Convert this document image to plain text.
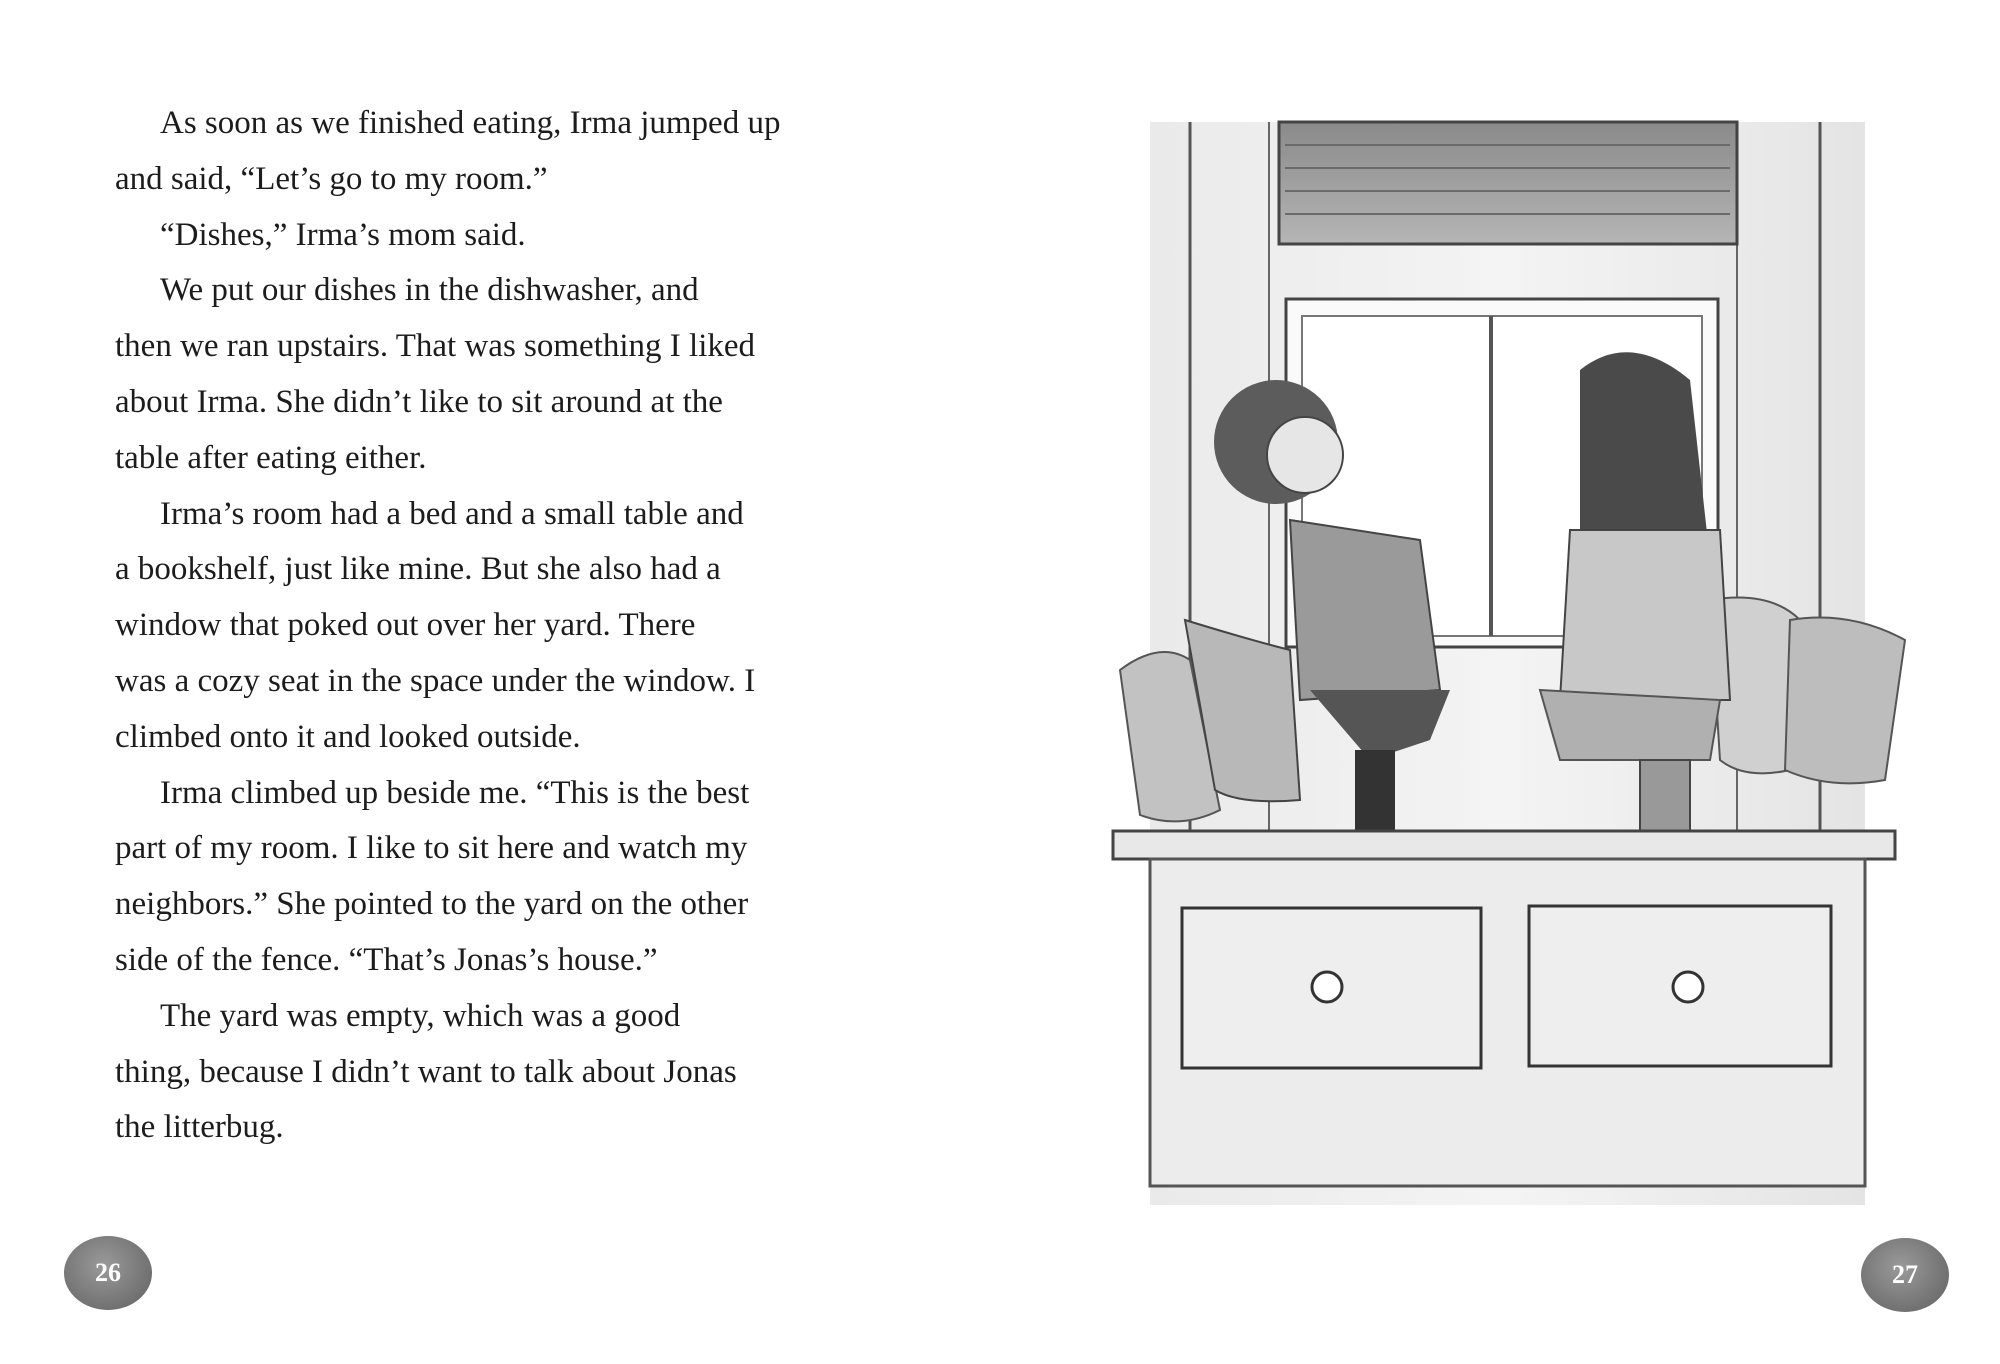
As soon as we finished eating, Irma jumped up
and said, “Let’s go to my room.”
“Dishes,” Irma’s mom said.
We put our dishes in the dishwasher, and
then we ran upstairs. That was something I liked
about Irma. She didn’t like to sit around at the
table after eating either.
Irma’s room had a bed and a small table and
a bookshelf, just like mine. But she also had a
window that poked out over her yard. There
was a cozy seat in the space under the window. I
climbed onto it and looked outside.
Irma climbed up beside me. “This is the best
part of my room. I like to sit here and watch my
neighbors.” She pointed to the yard on the other
side of the fence. “That’s Jonas’s house.”
The yard was empty, which was a good
thing, because I didn’t want to talk about Jonas
the litterbug.
26	27
